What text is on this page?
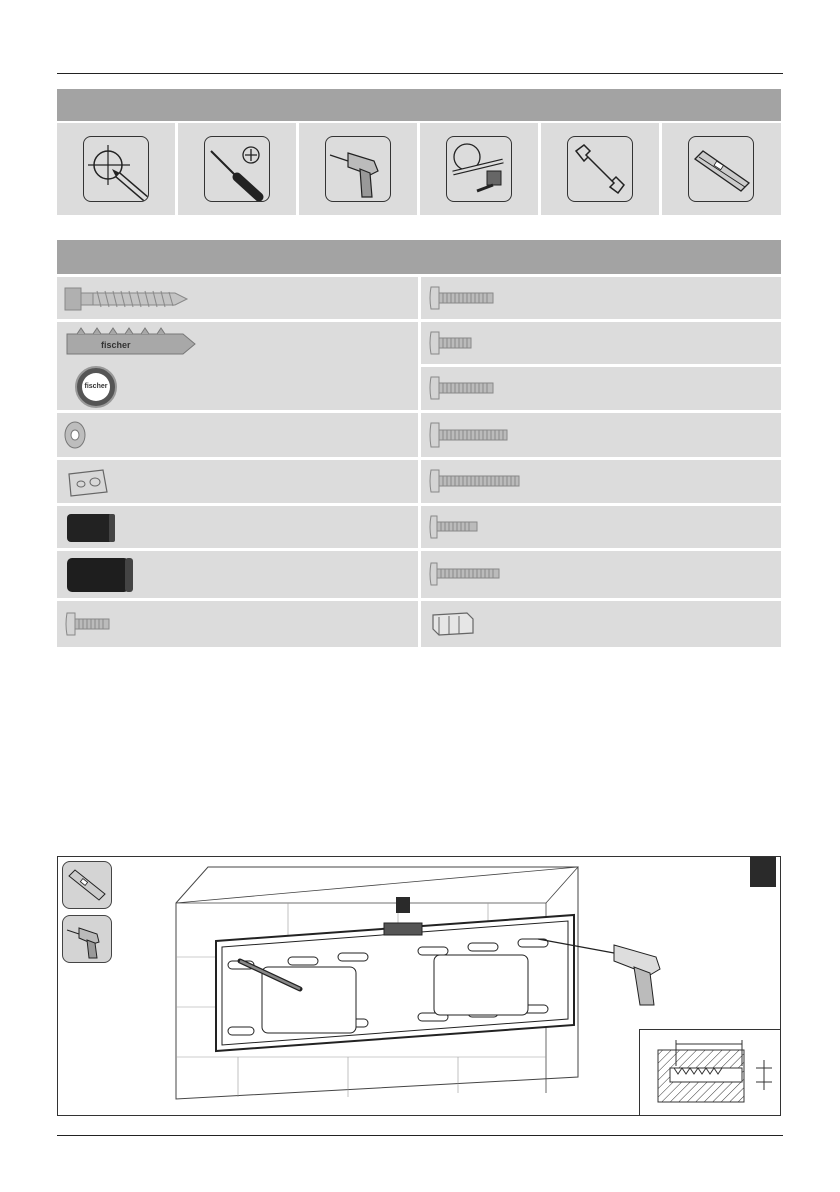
fischer
fischer
